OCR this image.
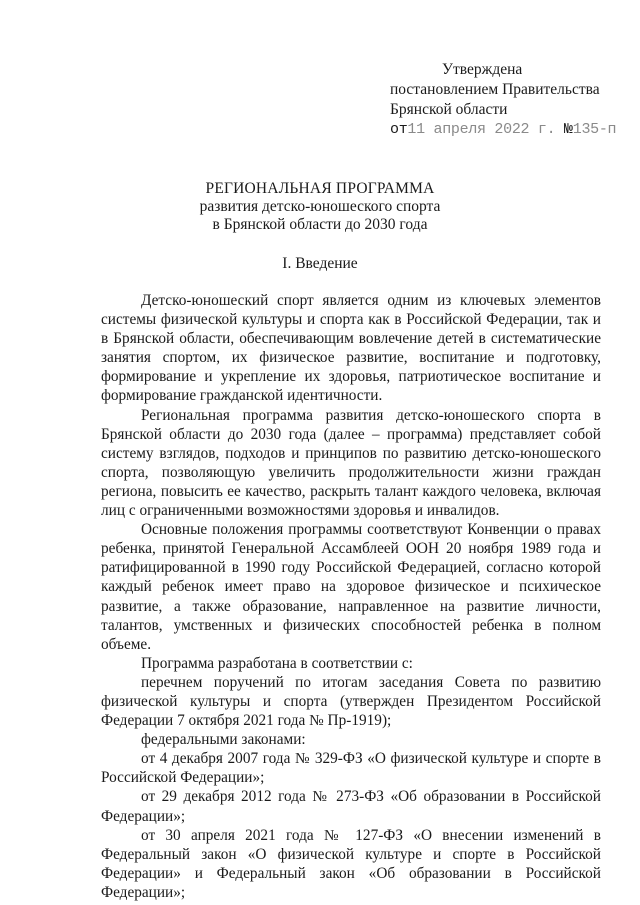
Утверждена
постановлением Правительства
Брянской области
от11 апреля 2022 г. №135-п
РЕГИОНАЛЬНАЯ ПРОГРАММА
развития детско-юношеского спорта
в Брянской области до 2030 года
I. Введение

Детско-юношеский спорт является одним из ключевых элементов системы физической культуры и спорта как в Российской Федерации, так и в Брянской области, обеспечивающим вовлечение детей в систематические занятия спортом, их физическое развитие, воспитание и подготовку, формирование и укрепление их здоровья, патриотическое воспитание и формирование гражданской идентичности.

Региональная программа развития детско-юношеского спорта в Брянской области до 2030 года (далее – программа) представляет собой систему взглядов, подходов и принципов по развитию детско-юношеского спорта, позволяющую увеличить продолжительности жизни граждан региона, повысить ее качество, раскрыть талант каждого человека, включая лиц с ограниченными возможностями здоровья и инвалидов.

Основные положения программы соответствуют Конвенции о правах ребенка, принятой Генеральной Ассамблеей ООН 20 ноября 1989 года и ратифицированной в 1990 году Российской Федерацией, согласно которой каждый ребенок имеет право на здоровое физическое и психическое развитие, а также образование, направленное на развитие личности, талантов, умственных и физических способностей ребенка в полном объеме.

Программа разработана в соответствии с:

перечнем поручений по итогам заседания Совета по развитию физической культуры и спорта (утвержден Президентом Российской Федерации 7 октября 2021 года № Пр-1919);

федеральными законами:

от 4 декабря 2007 года № 329-ФЗ «О физической культуре и спорте в Российской Федерации»;

от 29 декабря 2012 года № 273-ФЗ «Об образовании в Российской Федерации»;

от 30 апреля 2021 года № 127-ФЗ «О внесении изменений в Федеральный закон «О физической культуре и спорте в Российской Федерации» и Федеральный закон «Об образовании в Российской Федерации»;
